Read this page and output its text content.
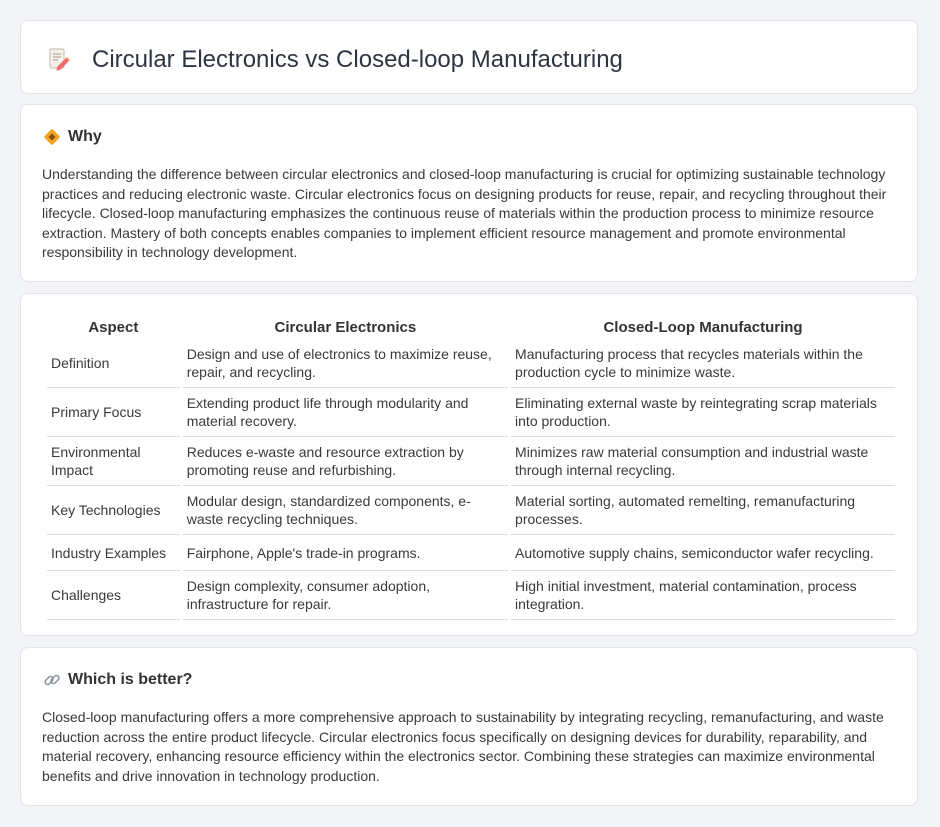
Circular Electronics vs Closed-loop Manufacturing
Why

Understanding the difference between circular electronics and closed-loop manufacturing is crucial for optimizing sustainable technology practices and reducing electronic waste. Circular electronics focus on designing products for reuse, repair, and recycling throughout their lifecycle. Closed-loop manufacturing emphasizes the continuous reuse of materials within the production process to minimize resource extraction. Mastery of both concepts enables companies to implement efficient resource management and promote environmental responsibility in technology development.

Aspect	Circular Electronics	Closed-Loop Manufacturing
Definition	Design and use of electronics to maximize reuse, repair, and recycling.	Manufacturing process that recycles materials within the production cycle to minimize waste.
Primary Focus	Extending product life through modularity and material recovery.	Eliminating external waste by reintegrating scrap materials into production.
Environmental Impact	Reduces e-waste and resource extraction by promoting reuse and refurbishing.	Minimizes raw material consumption and industrial waste through internal recycling.
Key Technologies	Modular design, standardized components, e-waste recycling techniques.	Material sorting, automated remelting, remanufacturing processes.
Industry Examples	Fairphone, Apple's trade-in programs.	Automotive supply chains, semiconductor wafer recycling.
Challenges	Design complexity, consumer adoption, infrastructure for repair.	High initial investment, material contamination, process integration.
Which is better?

Closed-loop manufacturing offers a more comprehensive approach to sustainability by integrating recycling, remanufacturing, and waste reduction across the entire product lifecycle. Circular electronics focus specifically on designing devices for durability, reparability, and material recovery, enhancing resource efficiency within the electronics sector. Combining these strategies can maximize environmental benefits and drive innovation in technology production.
